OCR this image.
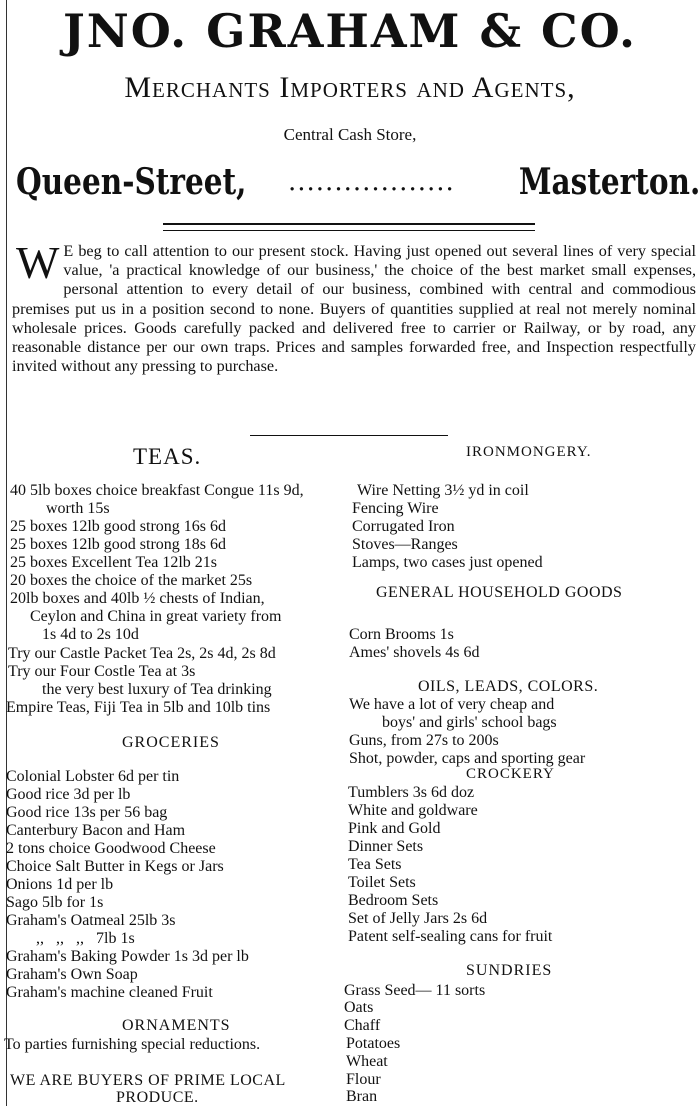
JNO. GRAHAM & CO.
Merchants Importers and Agents,
Central Cash Store,
Queen-Street, .................. Masterton.
W E beg to call attention to our present stock. Having just opened out several lines of very special value, 'a practical knowledge of our business,' the choice of the best market small expenses, personal attention to every detail of our business, combined with central and commodious premises put us in a position second to none. Buyers of quantities supplied at real not merely nominal wholesale prices. Goods carefully packed and delivered free to carrier or Railway, or by road, any reasonable distance per our own traps. Prices and samples forwarded free, and Inspection respectfully invited without any pressing to purchase.
TEAS.
40 5lb boxes choice breakfast Congue 11s 9d,
worth 15s
25 boxes 12lb good strong 16s 6d
25 boxes 12lb good strong 18s 6d
25 boxes Excellent Tea 12lb 21s
20 boxes the choice of the market 25s
20lb boxes and 40lb ½ chests of Indian,
Ceylon and China in great variety from
1s 4d to 2s 10d
Try our Castle Packet Tea 2s, 2s 4d, 2s 8d
Try our Four Costle Tea at 3s
the very best luxury of Tea drinking
Empire Teas, Fiji Tea in 5lb and 10lb tins
GROCERIES
Colonial Lobster 6d per tin
Good rice 3d per lb
Good rice 13s per 56 bag
Canterbury Bacon and Ham
2 tons choice Goodwood Cheese
Choice Salt Butter in Kegs or Jars
Onions 1d per lb
Sago 5lb for 1s
Graham's Oatmeal 25lb 3s
,,   ,,   ,,   7lb 1s
Graham's Baking Powder 1s 3d per lb
Graham's Own Soap
Graham's machine cleaned Fruit
ORNAMENTS
To parties furnishing special reductions.
WE ARE BUYERS OF PRIME LOCAL
PRODUCE.
IRONMONGERY.
Wire Netting 3½ yd in coil
Fencing Wire
Corrugated Iron
Stoves—Ranges
Lamps, two cases just opened
GENERAL HOUSEHOLD GOODS
Corn Brooms 1s
Ames' shovels 4s 6d
OILS, LEADS, COLORS.
We have a lot of very cheap and
boys' and girls' school bags
Guns, from 27s to 200s
Shot, powder, caps and sporting gear
CROCKERY
Tumblers 3s 6d doz
White and goldware
Pink and Gold
Dinner Sets
Tea Sets
Toilet Sets
Bedroom Sets
Set of Jelly Jars 2s 6d
Patent self-sealing cans for fruit
SUNDRIES
Grass Seed— 11 sorts
Oats
Chaff
Potatoes
Wheat
Flour
Bran
